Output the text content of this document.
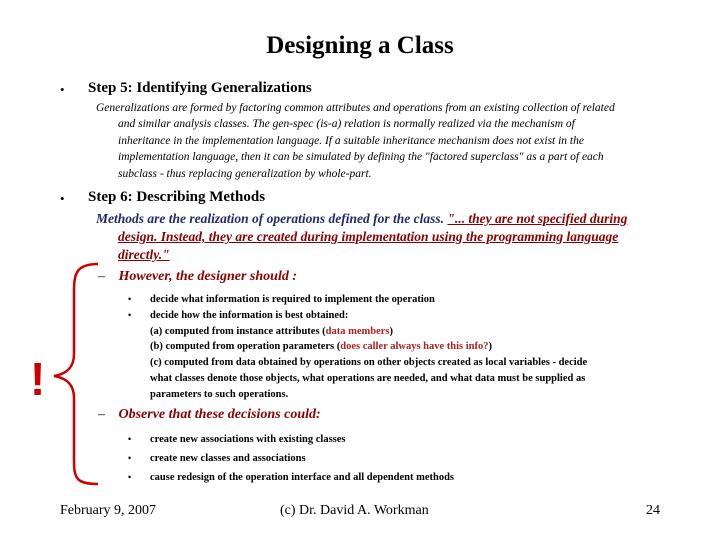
Designing a Class
• Step 5: Identifying Generalizations
Generalizations are formed by factoring common attributes and operations from an existing collection of related
and similar analysis classes. The gen-spec (is-a) relation is normally realized via the mechanism of
inheritance in the implementation language. If a suitable inheritance mechanism does not exist in the
implementation language, then it can be simulated by defining the "factored superclass" as a part of each
subclass - thus replacing generalization by whole-part.
• Step 6: Describing Methods
Methods are the realization of operations defined for the class. "... they are not specified during
design. Instead, they are created during implementation using the programming language
directly."
– However, the designer should :
• decide what information is required to implement the operation
• decide how the information is best obtained:
(a) computed from instance attributes (data members)
(b) computed from operation parameters (does caller always have this info?)
(c) computed from data obtained by operations on other objects created as local variables - decide
what classes denote those objects, what operations are needed, and what data must be supplied as
parameters to such operations.
– Observe that these decisions could:
• create new associations with existing classes
• create new classes and associations
• cause redesign of the operation interface and all dependent methods
!
February 9, 2007	(c) Dr. David A. Workman	24
